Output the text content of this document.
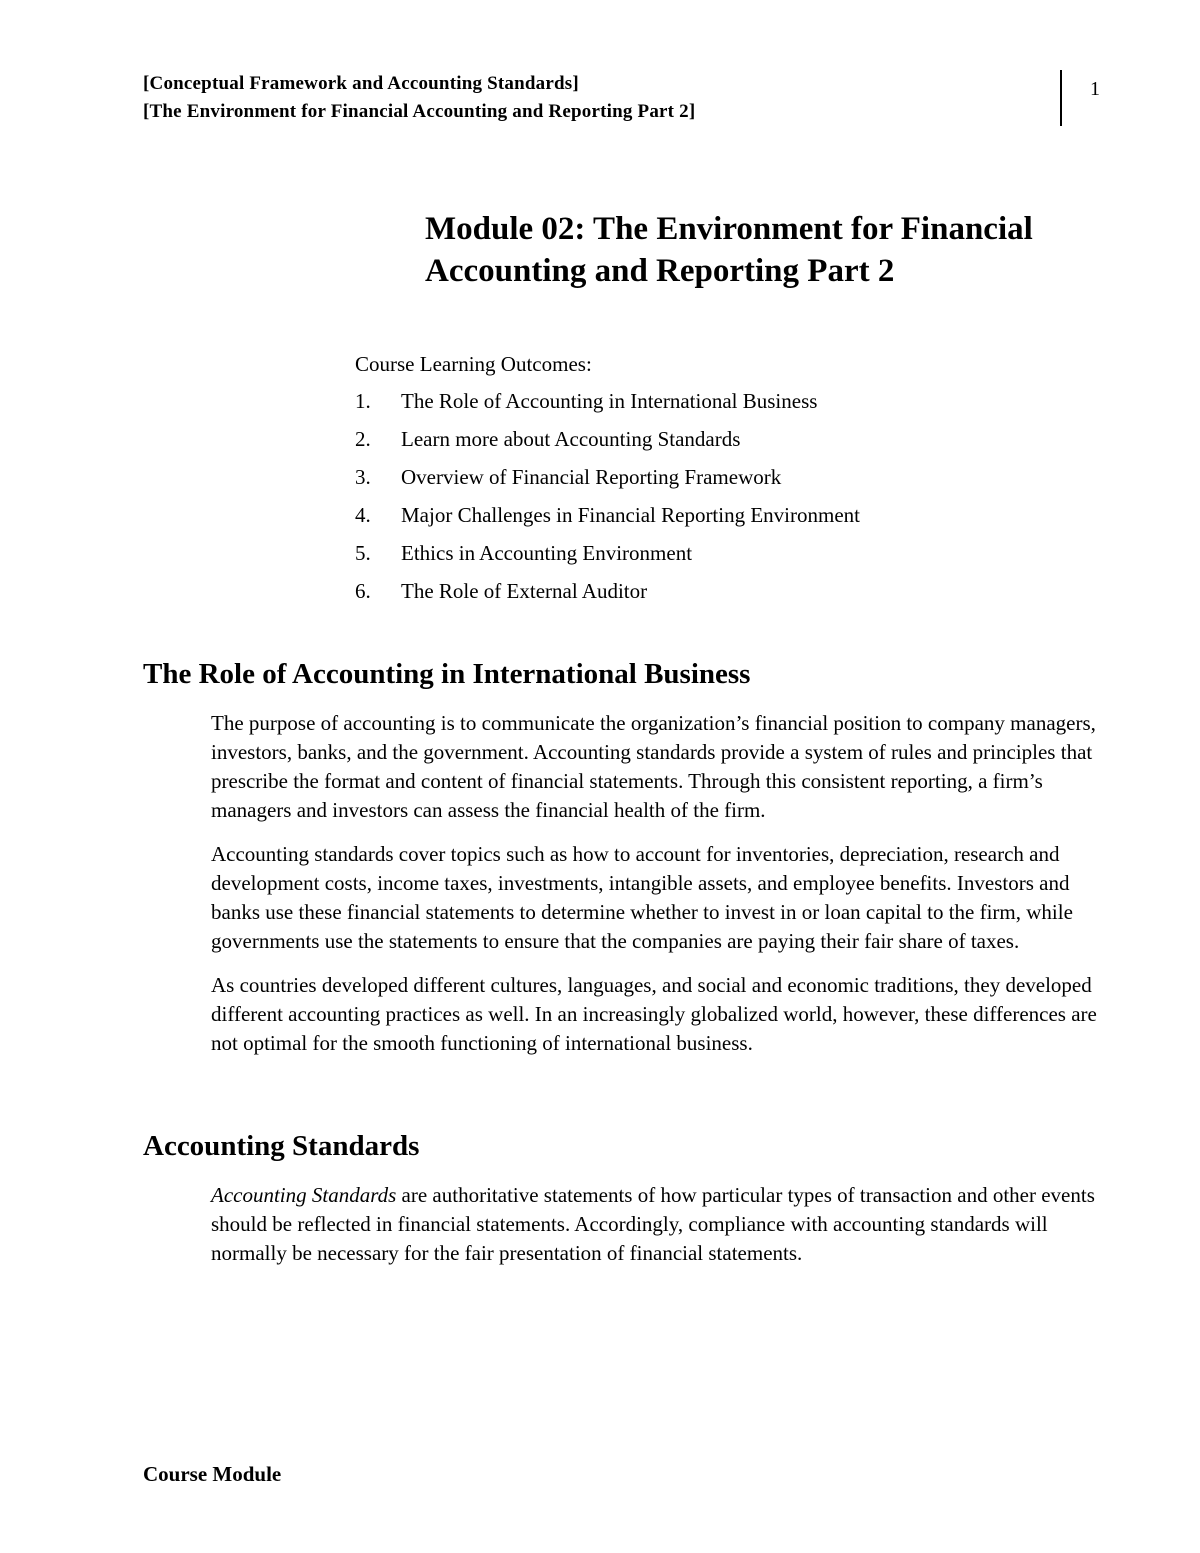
[Conceptual Framework and Accounting Standards]
[The Environment for Financial Accounting and Reporting Part 2]
1
Module 02: The Environment for Financial Accounting and Reporting Part 2
Course Learning Outcomes:
1.	The Role of Accounting in International Business
2.	Learn more about Accounting Standards
3.	Overview of Financial Reporting Framework
4.	Major Challenges in Financial Reporting Environment
5.	Ethics in Accounting Environment
6.	The Role of External Auditor
The Role of Accounting in International Business

The purpose of accounting is to communicate the organization’s financial position to company managers, investors, banks, and the government. Accounting standards provide a system of rules and principles that prescribe the format and content of financial statements. Through this consistent reporting, a firm’s managers and investors can assess the financial health of the firm.

Accounting standards cover topics such as how to account for inventories, depreciation, research and development costs, income taxes, investments, intangible assets, and employee benefits. Investors and banks use these financial statements to determine whether to invest in or loan capital to the firm, while governments use the statements to ensure that the companies are paying their fair share of taxes.

As countries developed different cultures, languages, and social and economic traditions, they developed different accounting practices as well. In an increasingly globalized world, however, these differences are not optimal for the smooth functioning of international business.

Accounting Standards

Accounting Standards are authoritative statements of how particular types of transaction and other events should be reflected in financial statements. Accordingly, compliance with accounting standards will normally be necessary for the fair presentation of financial statements.

Course Module
